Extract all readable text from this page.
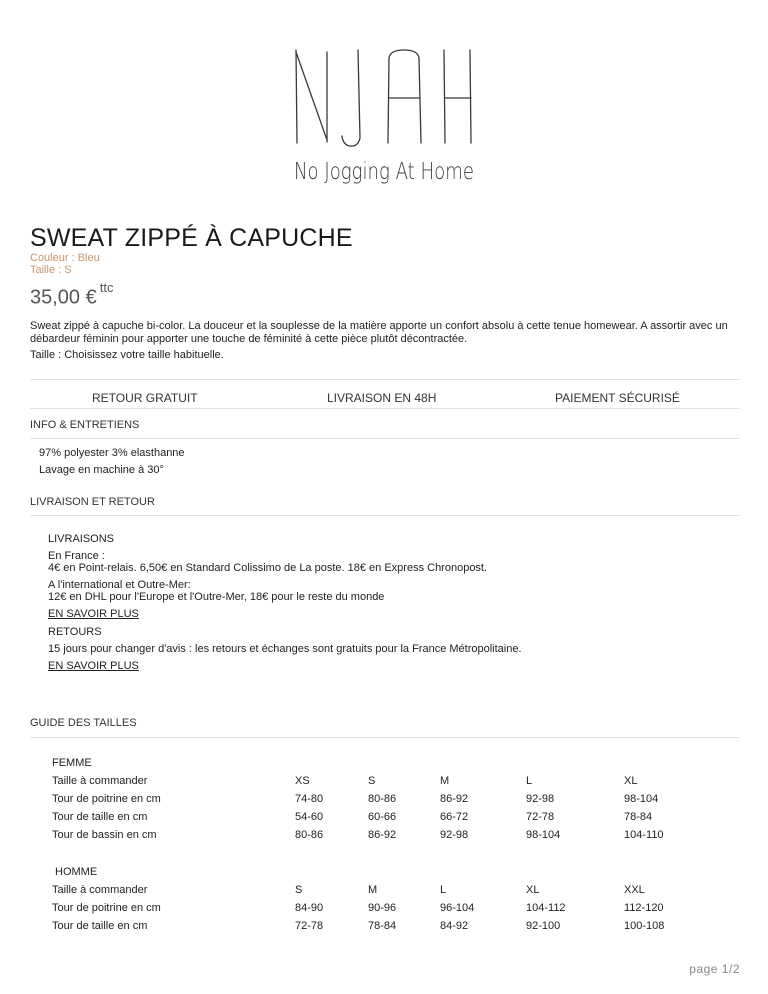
No Jogging At Home
SWEAT ZIPPÉ À CAPUCHE
Couleur : Bleu
Taille : S
35,00 € $^{ttc}$
Sweat zippé à capuche bi-color. La douceur et la souplesse de la matière apporte un confort absolu à cette tenue homewear. A assortir avec un débardeur féminin pour apporter une touche de féminité à cette pièce plutôt décontractée.
Taille : Choisissez votre taille habituelle.
RETOUR GRATUIT	LIVRAISON EN 48H	PAIEMENT SÉCURISÉ
INFO & ENTRETIENS
97% polyester 3% elasthanne
Lavage en machine à 30°
LIVRAISON ET RETOUR
LIVRAISONS
En France :
4€ en Point-relais. 6,50€ en Standard Colissimo de La poste. 18€ en Express Chronopost.
A l'international et Outre-Mer:
12€ en DHL pour l'Europe et l'Outre-Mer, 18€ pour le reste du monde
EN SAVOIR PLUS
RETOURS
15 jours pour changer d'avis : les retours et échanges sont gratuits pour la France Métropolitaine.
EN SAVOIR PLUS
GUIDE DES TAILLES
FEMME
Taille à commander	XS	S	M	L	XL
Tour de poitrine en cm	74-80	80-86	86-92	92-98	98-104
Tour de taille en cm	54-60	60-66	66-72	72-78	78-84
Tour de bassin en cm	80-86	86-92	92-98	98-104	104-110
HOMME
Taille à commander	S	M	L	XL	XXL
Tour de poitrine en cm	84-90	90-96	96-104	104-112	112-120
Tour de taille en cm	72-78	78-84	84-92	92-100	100-108
page 1/2
